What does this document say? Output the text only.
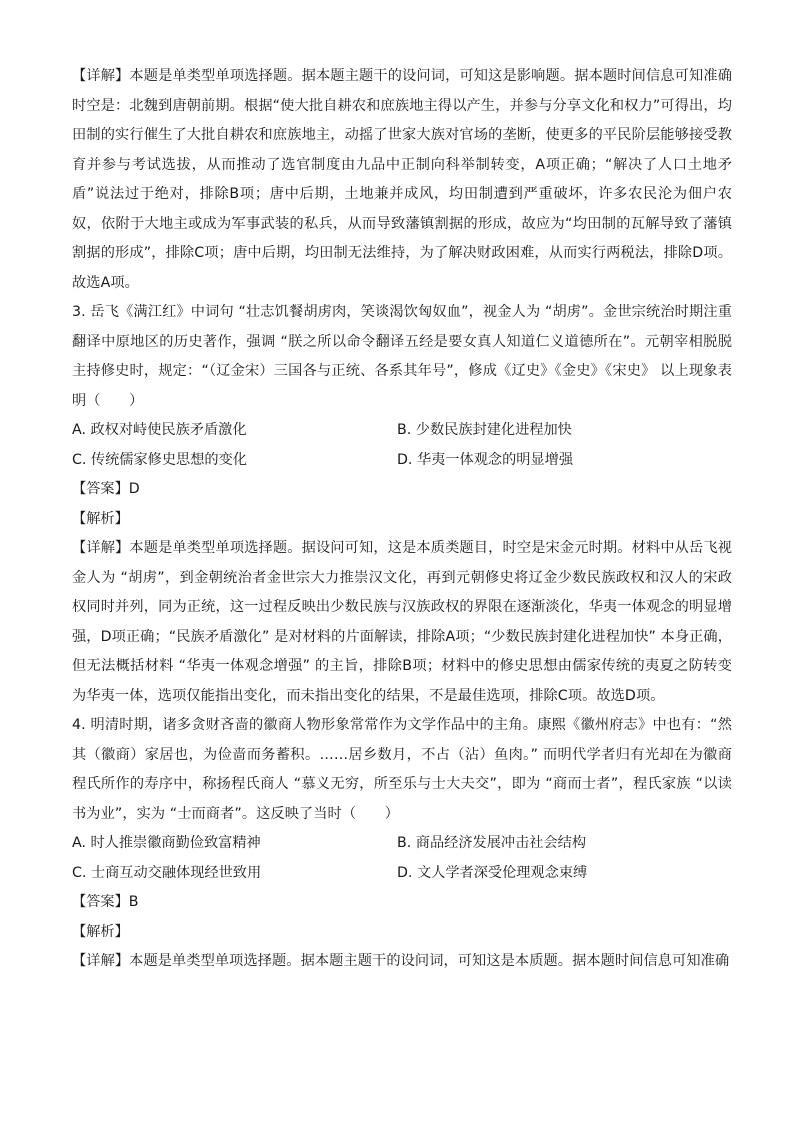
【详解】本题是单类型单项选择题。据本题主题干的设问词，可知这是影响题。据本题时间信息可知准确时空是：北魏到唐朝前期。根据“使大批自耕农和庶族地主得以产生，并参与分享文化和权力”可得出，均田制的实行催生了大批自耕农和庶族地主，动摇了世家大族对官场的垄断，使更多的平民阶层能够接受教育并参与考试选拔，从而推动了选官制度由九品中正制向科举制转变，A项正确；“解决了人口土地矛盾”说法过于绝对，排除B项；唐中后期，土地兼并成风，均田制遭到严重破坏，许多农民沦为佃户农奴，依附于大地主或成为军事武装的私兵，从而导致藩镇割据的形成，故应为“均田制的瓦解导致了藩镇割据的形成”，排除C项；唐中后期，均田制无法维持，为了解决财政困难，从而实行两税法，排除D项。故选A项。

3. 岳飞《满江红》中词句 “壮志饥餐胡虏肉，笑谈渴饮匈奴血”，视金人为 “胡虏”。金世宗统治时期注重翻译中原地区的历史著作，强调 “朕之所以命令翻译五经是要女真人知道仁义道德所在”。元朝宰相脱脱主持修史时，规定：“（辽金宋）三国各与正统、各系其年号”，修成《辽史》《金史》《宋史》 以上现象表明（　　）

A. 政权对峙使民族矛盾激化	B. 少数民族封建化进程加快
C. 传统儒家修史思想的变化	D. 华夷一体观念的明显增强

【答案】D

【解析】

【详解】本题是单类型单项选择题。据设问可知，这是本质类题目，时空是宋金元时期。材料中从岳飞视金人为 “胡虏”，到金朝统治者金世宗大力推崇汉文化，再到元朝修史将辽金少数民族政权和汉人的宋政权同时并列，同为正统，这一过程反映出少数民族与汉族政权的界限在逐渐淡化，华夷一体观念的明显增强，D项正确；“民族矛盾激化” 是对材料的片面解读，排除A项；“少数民族封建化进程加快” 本身正确，但无法概括材料 “华夷一体观念增强” 的主旨，排除B项；材料中的修史思想由儒家传统的夷夏之防转变为华夷一体，选项仅能指出变化，而未指出变化的结果，不是最佳选项，排除C项。故选D项。

4. 明清时期，诸多贪财吝啬的徽商人物形象常常作为文学作品中的主角。康熙《徽州府志》中也有：“然其（徽商）家居也，为俭啬而务蓄积。……居乡数月，不占（沾）鱼肉。” 而明代学者归有光却在为徽商程氏所作的寿序中，称扬程氏商人 “慕义无穷，所至乐与士大夫交”，即为 “商而士者”，程氏家族 “以读书为业”，实为 “士而商者”。这反映了当时（　　）

A. 时人推崇徽商勤俭致富精神	B. 商品经济发展冲击社会结构
C. 士商互动交融体现经世致用	D. 文人学者深受伦理观念束缚

【答案】B

【解析】

【详解】本题是单类型单项选择题。据本题主题干的设问词，可知这是本质题。据本题时间信息可知准确
